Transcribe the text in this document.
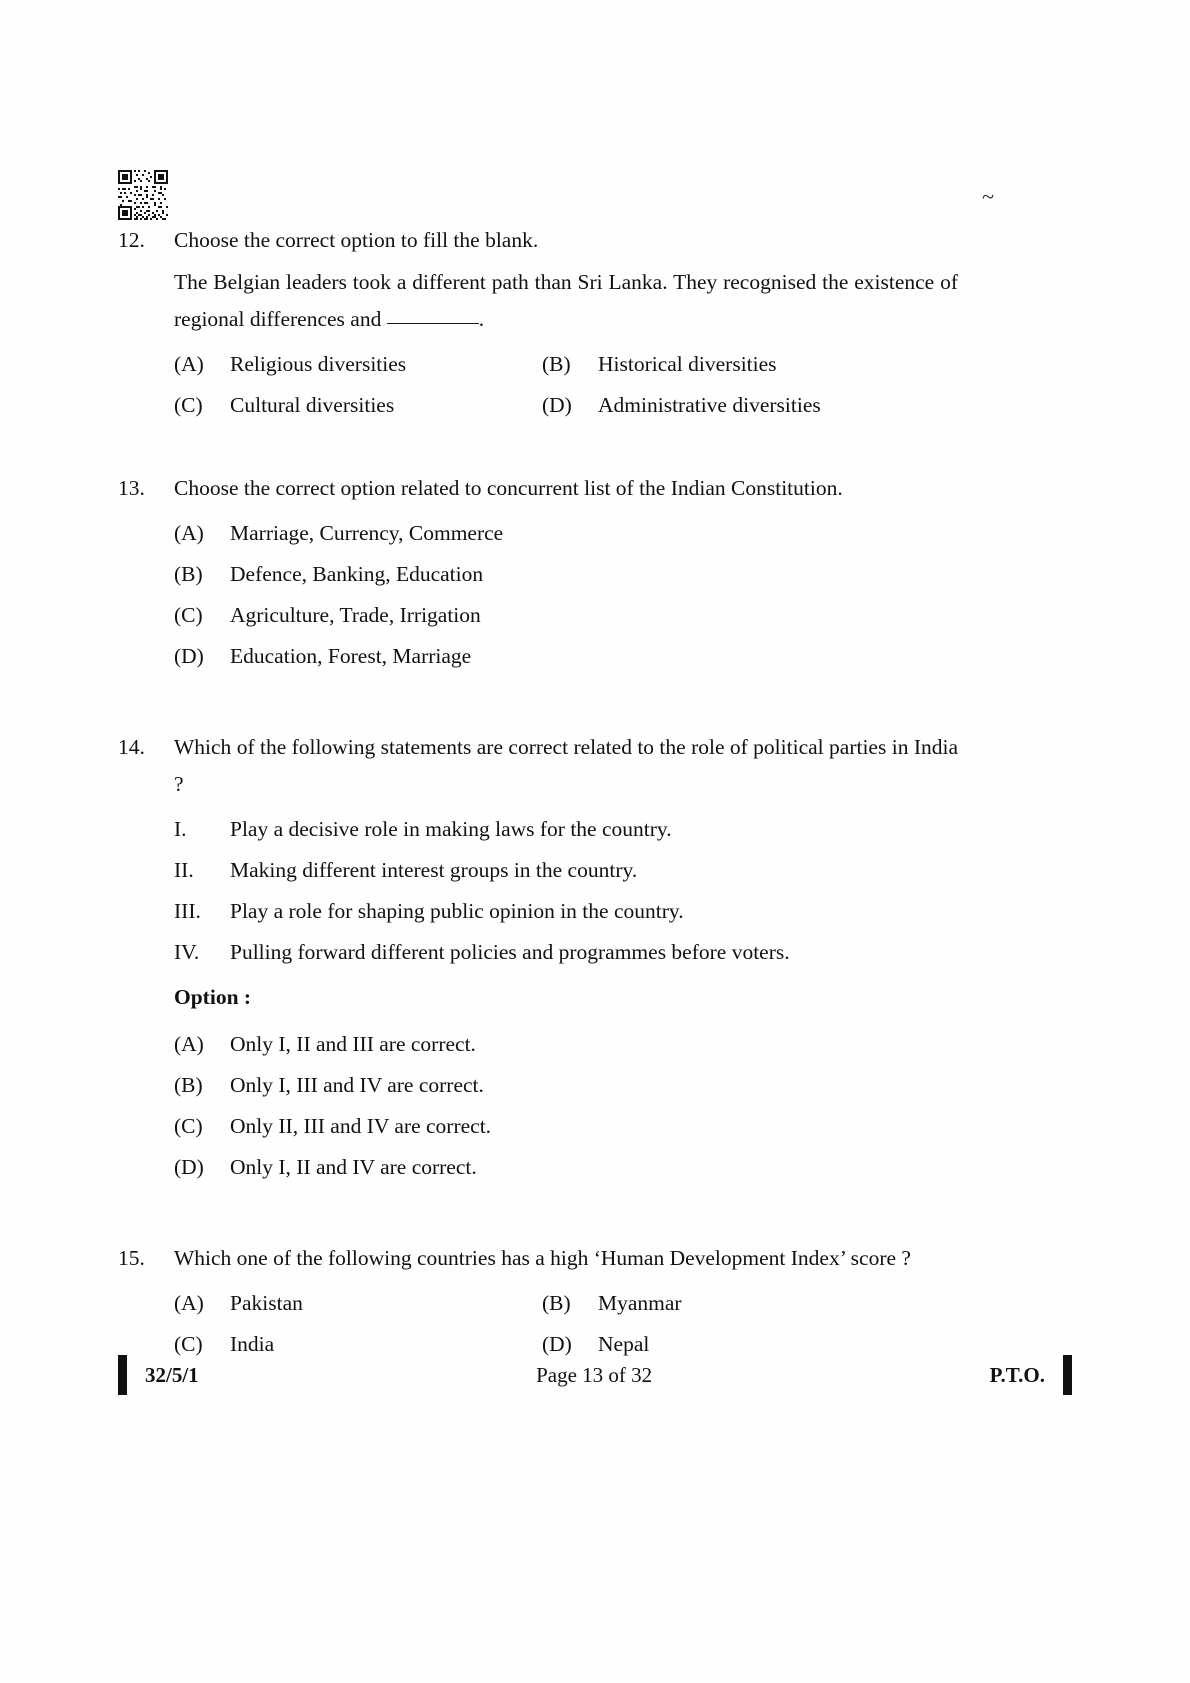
~
12.	Choose the correct option to fill the blank.
The Belgian leaders took a different path than Sri Lanka. They recognised the existence of regional differences and	.
(A)	Religious diversities	(B)	Historical diversities
(C)	Cultural diversities	(D)	Administrative diversities
13.	Choose the correct option related to concurrent list of the Indian Constitution.
(A)	Marriage, Currency, Commerce
(B)	Defence, Banking, Education
(C)	Agriculture, Trade, Irrigation
(D)	Education, Forest, Marriage
14.	Which of the following statements are correct related to the role of political parties in India ?
I.	Play a decisive role in making laws for the country.
II.	Making different interest groups in the country.
III.	Play a role for shaping public opinion in the country.
IV.	Pulling forward different policies and programmes before voters.
Option :
(A)	Only I, II and III are correct.
(B)	Only I, III and IV are correct.
(C)	Only II, III and IV are correct.
(D)	Only I, II and IV are correct.
15.	Which one of the following countries has a high ‘Human Development Index’ score ?
(A)	Pakistan	(B)	Myanmar
(C)	India	(D)	Nepal
32/5/1	Page 13 of 32	P.T.O.
